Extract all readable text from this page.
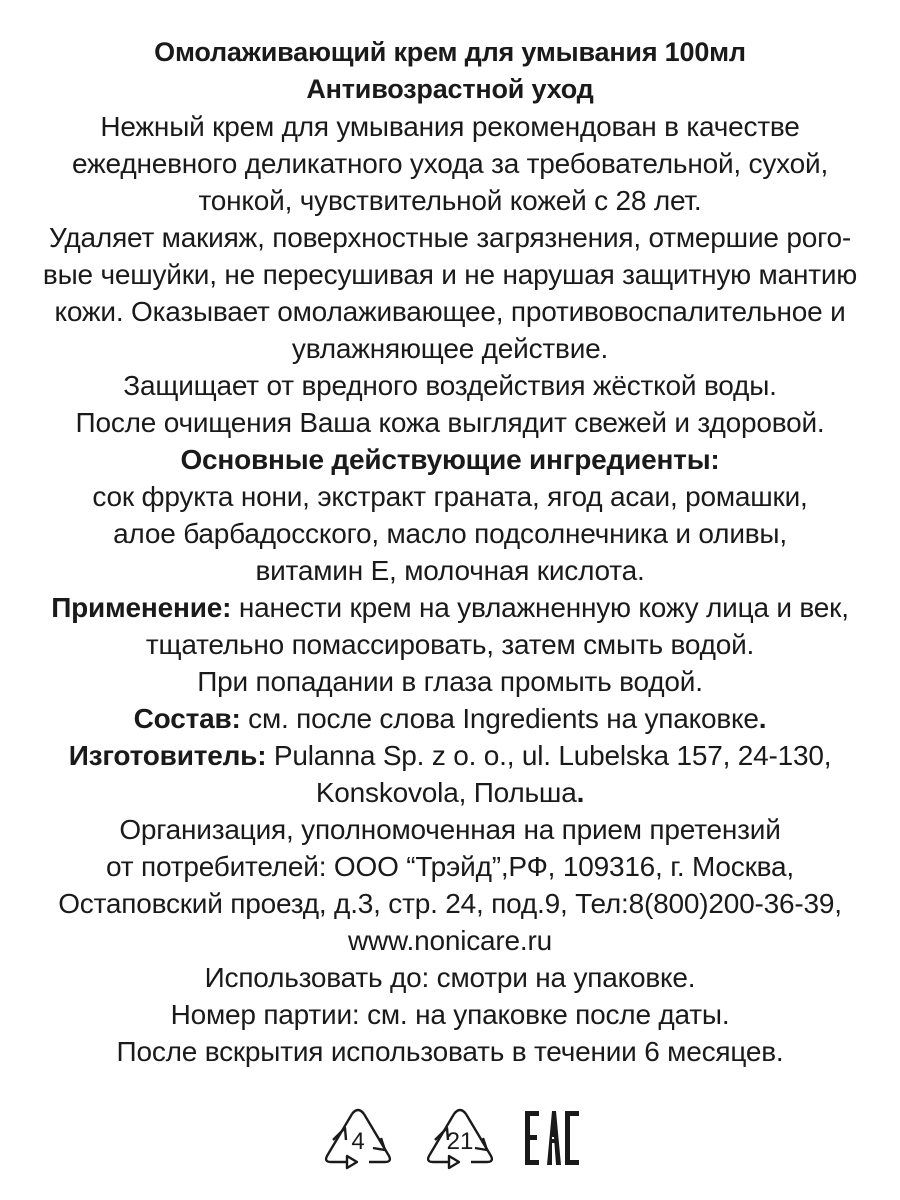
Омолаживающий крем для умывания 100мл
Антивозрастной уход
Нежный крем для умывания рекомендован в качестве
ежедневного деликатного ухода за требовательной, сухой,
тонкой, чувствительной кожей с 28 лет.
Удаляет макияж, поверхностные загрязнения, отмершие рого-
вые чешуйки, не пересушивая и не нарушая защитную мантию
кожи. Оказывает омолаживающее, противовоспалительное и
увлажняющее действие.
Защищает от вредного воздействия жёсткой воды.
После очищения Ваша кожа выглядит свежей и здоровой.
Основные действующие ингредиенты:
сок фрукта нони, экстракт граната, ягод асаи, ромашки,
алое барбадосского, масло подсолнечника и оливы,
витамин Е, молочная кислота.
Применение: нанести крем на увлажненную кожу лица и век,
тщательно помассировать, затем смыть водой.
При попадании в глаза промыть водой.
Состав: см. после слова Ingredients на упаковке.
Изготовитель: Pulanna Sp. z o. o., ul. Lubelska 157, 24-130,
Konskovola, Польша.
Организация, уполномоченная на прием претензий
от потребителей: ООО “Трэйд”,РФ, 109316, г. Москва,
Остаповский проезд, д.3, стр. 24, под.9, Тел:8(800)200-36-39,
www.nonicare.ru
Использовать до: смотри на упаковке.
Номер партии: см. на упаковке после даты.
После вскрытия использовать в течении 6 месяцев.
4	21
